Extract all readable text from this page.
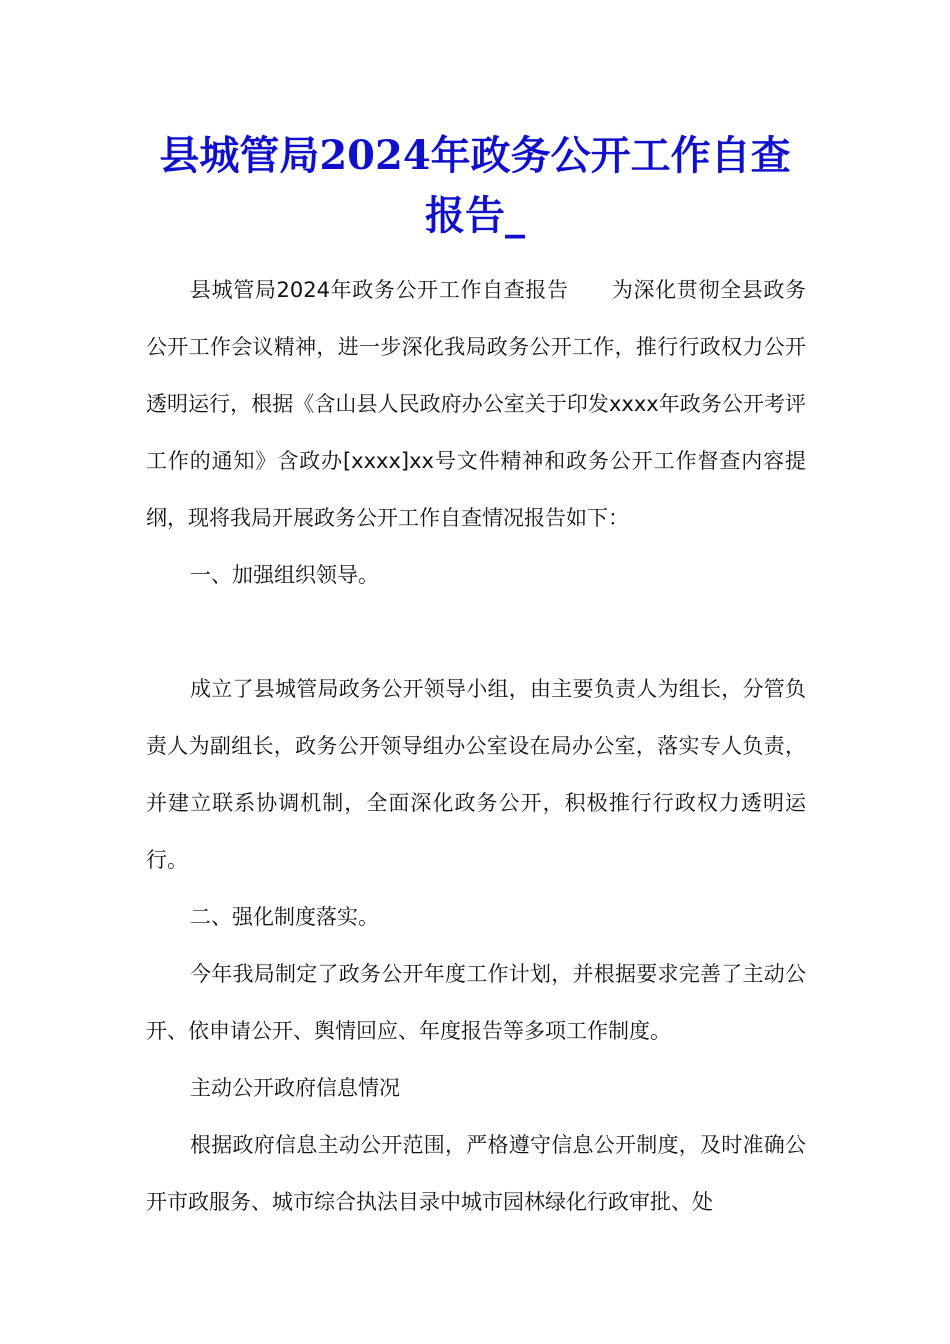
县城管局2024年政务公开工作自查报告_

县城管局2024年政务公开工作自查报告　　为深化贯彻全县政务公开工作会议精神，进一步深化我局政务公开工作，推行行政权力公开透明运行，根据《含山县人民政府办公室关于印发xxxx年政务公开考评工作的通知》含政办[xxxx]xx号文件精神和政务公开工作督查内容提纲，现将我局开展政务公开工作自查情况报告如下：

一、加强组织领导。

成立了县城管局政务公开领导小组，由主要负责人为组长，分管负责人为副组长，政务公开领导组办公室设在局办公室，落实专人负责，并建立联系协调机制，全面深化政务公开，积极推行行政权力透明运行。

二、强化制度落实。

今年我局制定了政务公开年度工作计划，并根据要求完善了主动公开、依申请公开、舆情回应、年度报告等多项工作制度。

主动公开政府信息情况

根据政府信息主动公开范围，严格遵守信息公开制度，及时准确公开市政服务、城市综合执法目录中城市园林绿化行政审批、处
